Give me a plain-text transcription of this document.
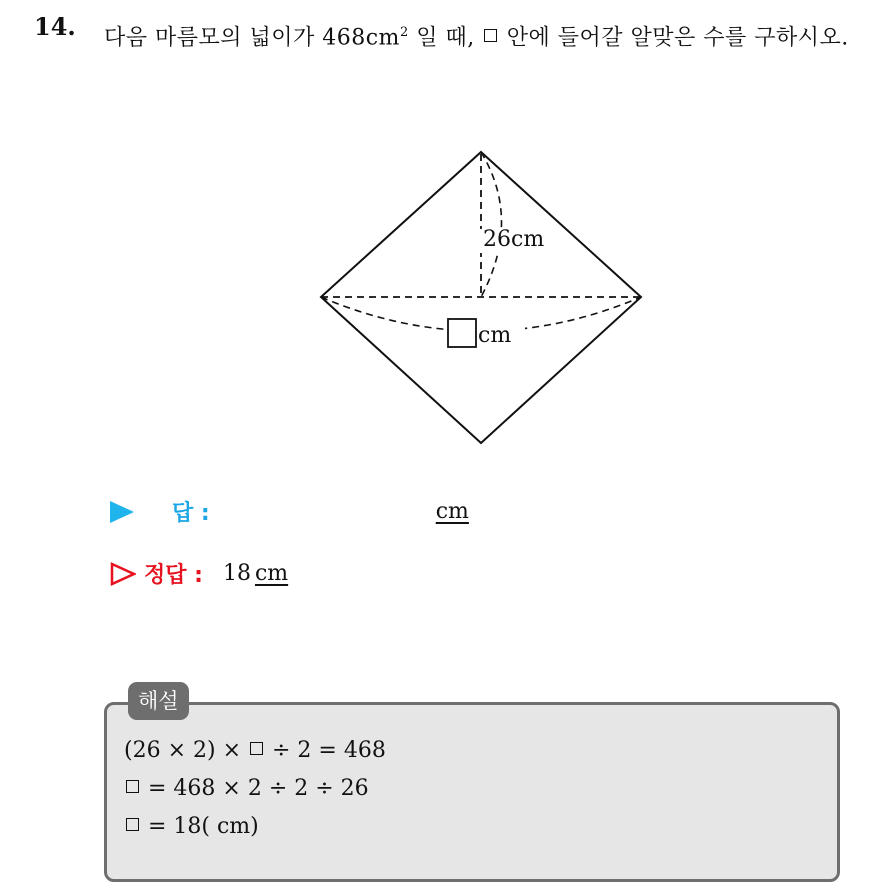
14. 다음 마름모의 넓이가 $468cm^2$ 일 때,  안에 들어갈 알맞은 수를 구하시오.
26cm
cm
답 :	cm
정답 : 18 cm
해설
(26 × 2) ×  ÷ 2 = 468
= 468 × 2 ÷ 2 ÷ 26
= 18( cm)
